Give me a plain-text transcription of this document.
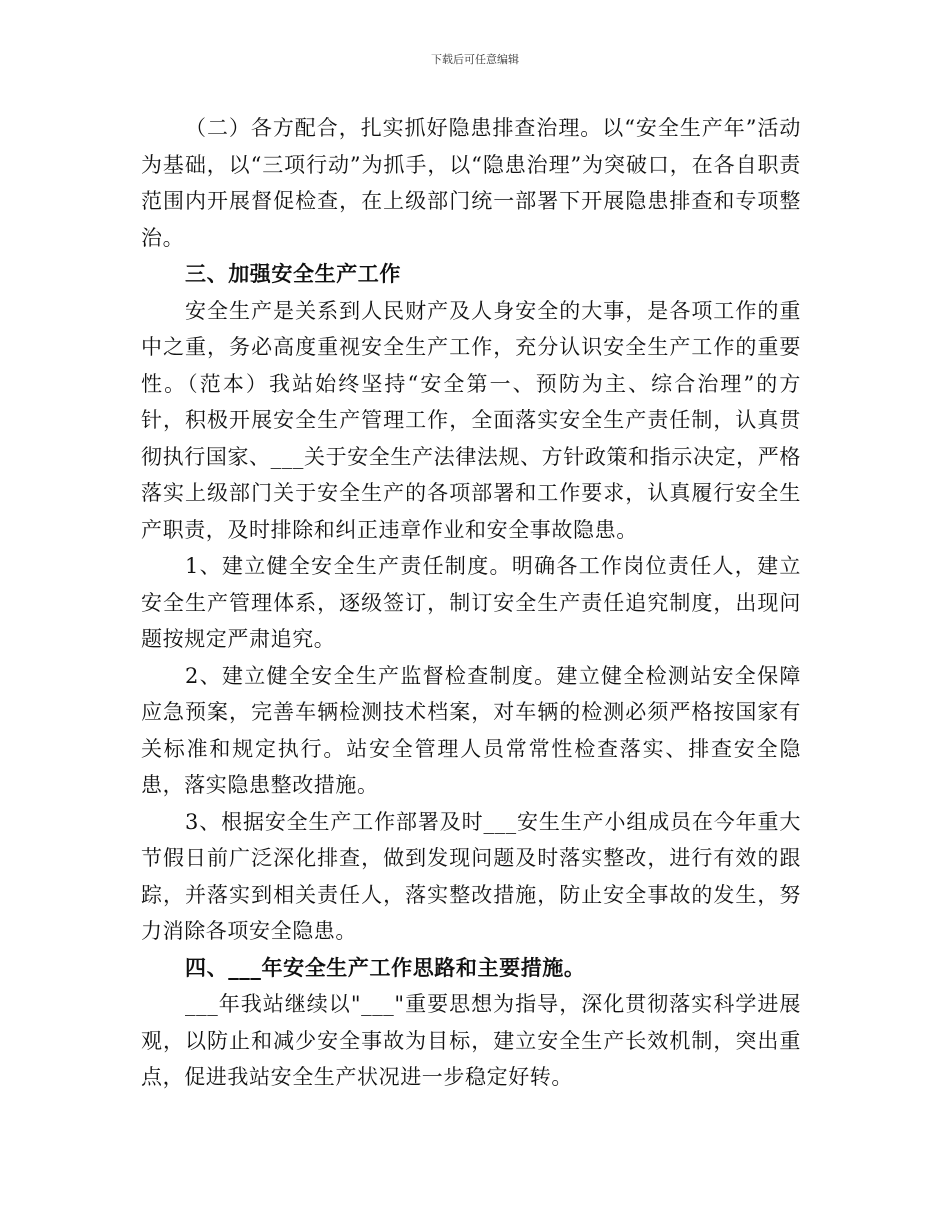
下载后可任意编辑

（二）各方配合，扎实抓好隐患排查治理。以“安全生产年”活动为基础，以“三项行动”为抓手，以“隐患治理”为突破口，在各自职责范围内开展督促检查，在上级部门统一部署下开展隐患排查和专项整治。

三、加强安全生产工作

安全生产是关系到人民财产及人身安全的大事，是各项工作的重中之重，务必高度重视安全生产工作，充分认识安全生产工作的重要性。（范本）我站始终坚持“安全第一、预防为主、综合治理”的方针，积极开展安全生产管理工作，全面落实安全生产责任制，认真贯彻执行国家、___关于安全生产法律法规、方针政策和指示决定，严格落实上级部门关于安全生产的各项部署和工作要求，认真履行安全生产职责，及时排除和纠正违章作业和安全事故隐患。

1、建立健全安全生产责任制度。明确各工作岗位责任人，建立安全生产管理体系，逐级签订，制订安全生产责任追究制度，出现问题按规定严肃追究。

2、建立健全安全生产监督检查制度。建立健全检测站安全保障应急预案，完善车辆检测技术档案，对车辆的检测必须严格按国家有关标准和规定执行。站安全管理人员常常性检查落实、排查安全隐患，落实隐患整改措施。

3、根据安全生产工作部署及时___安生生产小组成员在今年重大节假日前广泛深化排查，做到发现问题及时落实整改，进行有效的跟踪，并落实到相关责任人，落实整改措施，防止安全事故的发生，努力消除各项安全隐患。

四、___年安全生产工作思路和主要措施。

___年我站继续以"___"重要思想为指导，深化贯彻落实科学进展观，以防止和减少安全事故为目标，建立安全生产长效机制，突出重点，促进我站安全生产状况进一步稳定好转。
